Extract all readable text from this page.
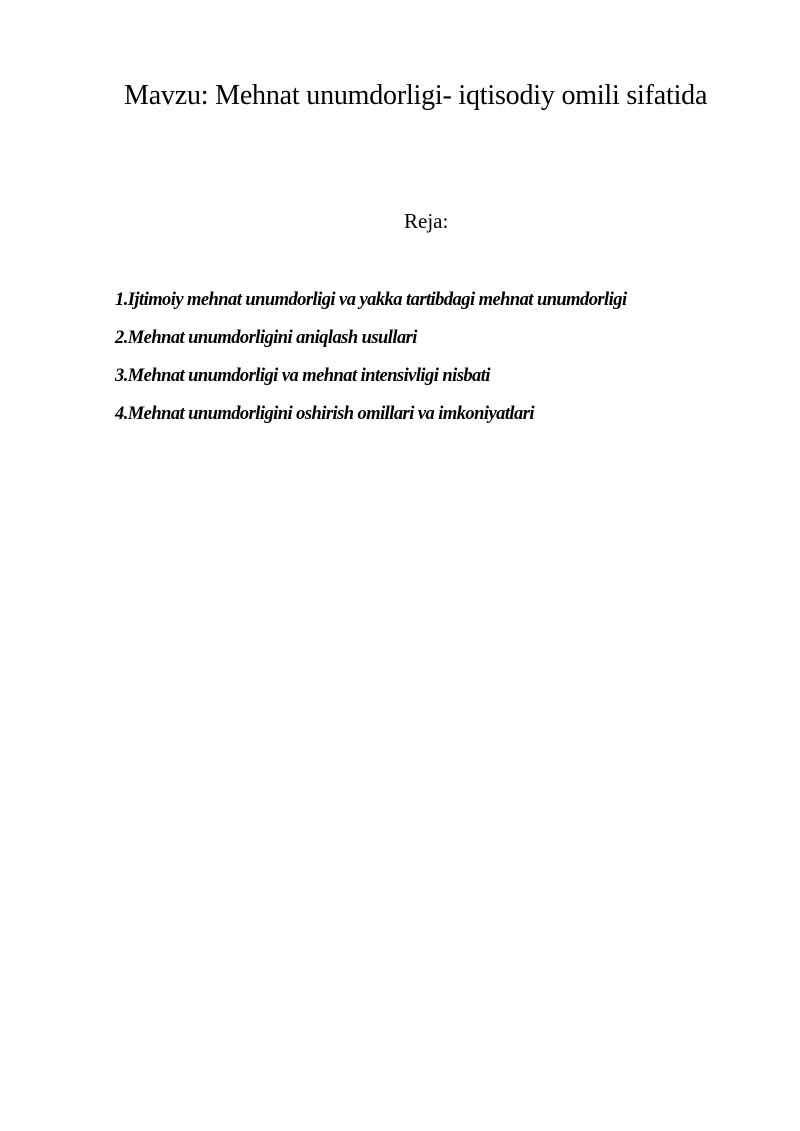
Mavzu: Mehnat unumdorligi- iqtisodiy omili sifatida
Reja:
1.Ijtimoiy mehnat unumdorligi va yakka tartibdagi mehnat unumdorligi
2.Mehnat unumdorligini aniqlash usullari
3.Mehnat unumdorligi va mehnat intensivligi nisbati
4.Mehnat unumdorligini oshirish omillari va imkoniyatlari
